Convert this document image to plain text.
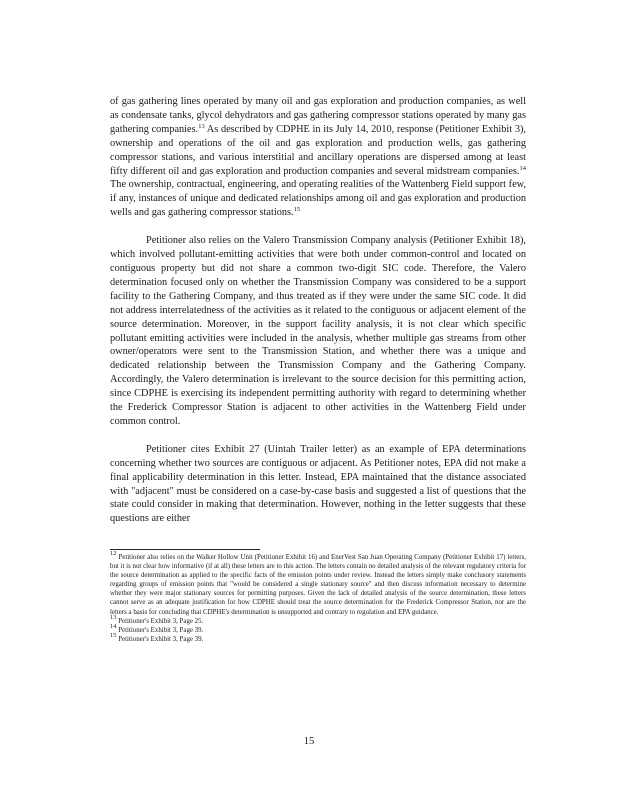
of gas gathering lines operated by many oil and gas exploration and production companies, as well as condensate tanks, glycol dehydrators and gas gathering compressor stations operated by many gas gathering companies.$^{13}$ As described by CDPHE in its July 14, 2010, response (Petitioner Exhibit 3), ownership and operations of the oil and gas exploration and production wells, gas gathering compressor stations, and various interstitial and ancillary operations are dispersed among at least fifty different oil and gas exploration and production companies and several midstream companies.$^{14}$ The ownership, contractual, engineering, and operating realities of the Wattenberg Field support few, if any, instances of unique and dedicated relationships among oil and gas exploration and production wells and gas gathering compressor stations.$^{15}$

Petitioner also relies on the Valero Transmission Company analysis (Petitioner Exhibit 18), which involved pollutant-emitting activities that were both under common-control and located on contiguous property but did not share a common two-digit SIC code. Therefore, the Valero determination focused only on whether the Transmission Company was considered to be a support facility to the Gathering Company, and thus treated as if they were under the same SIC code. It did not address interrelatedness of the activities as it related to the contiguous or adjacent element of the source determination. Moreover, in the support facility analysis, it is not clear which specific pollutant emitting activities were included in the analysis, whether multiple gas streams from other owner/operators were sent to the Transmission Station, and whether there was a unique and dedicated relationship between the Transmission Company and the Gathering Company. Accordingly, the Valero determination is irrelevant to the source decision for this permitting action, since CDPHE is exercising its independent permitting authority with regard to determining whether the Frederick Compressor Station is adjacent to other activities in the Wattenberg Field under common control.

Petitioner cites Exhibit 27 (Uintah Trailer letter) as an example of EPA determinations concerning whether two sources are contiguous or adjacent. As Petitioner notes, EPA did not make a final applicability determination in this letter. Instead, EPA maintained that the distance associated with "adjacent" must be considered on a case-by-case basis and suggested a list of questions that the state could consider in making that determination. However, nothing in the letter suggests that these questions are either

$^{12}$ Petitioner also relies on the Walker Hollow Unit (Petitioner Exhibit 16) and EnerVest San Juan Operating Company (Petitioner Exhibit 17) letters, but it is not clear how informative (if at all) these letters are to this action. The letters contain no detailed analysis of the relevant regulatory criteria for the source determination as applied to the specific facts of the emission points under review. Instead the letters simply make conclusory statements regarding groups of emission points that "would be considered a single stationary source" and then discuss information necessary to determine whether they were major stationary sources for permitting purposes. Given the lack of detailed analysis of the source determination, these letters cannot serve as an adequate justification for how CDPHE should treat the source determination for the Frederick Compressor Station, nor are the letters a basis for concluding that CDPHE's determination is unsupported and contrary to regulation and EPA guidance.

$^{13}$ Petitioner's Exhibit 3, Page 25.

$^{14}$ Petitioner's Exhibit 3, Page 39.

$^{15}$ Petitioner's Exhibit 3, Page 39.

15
